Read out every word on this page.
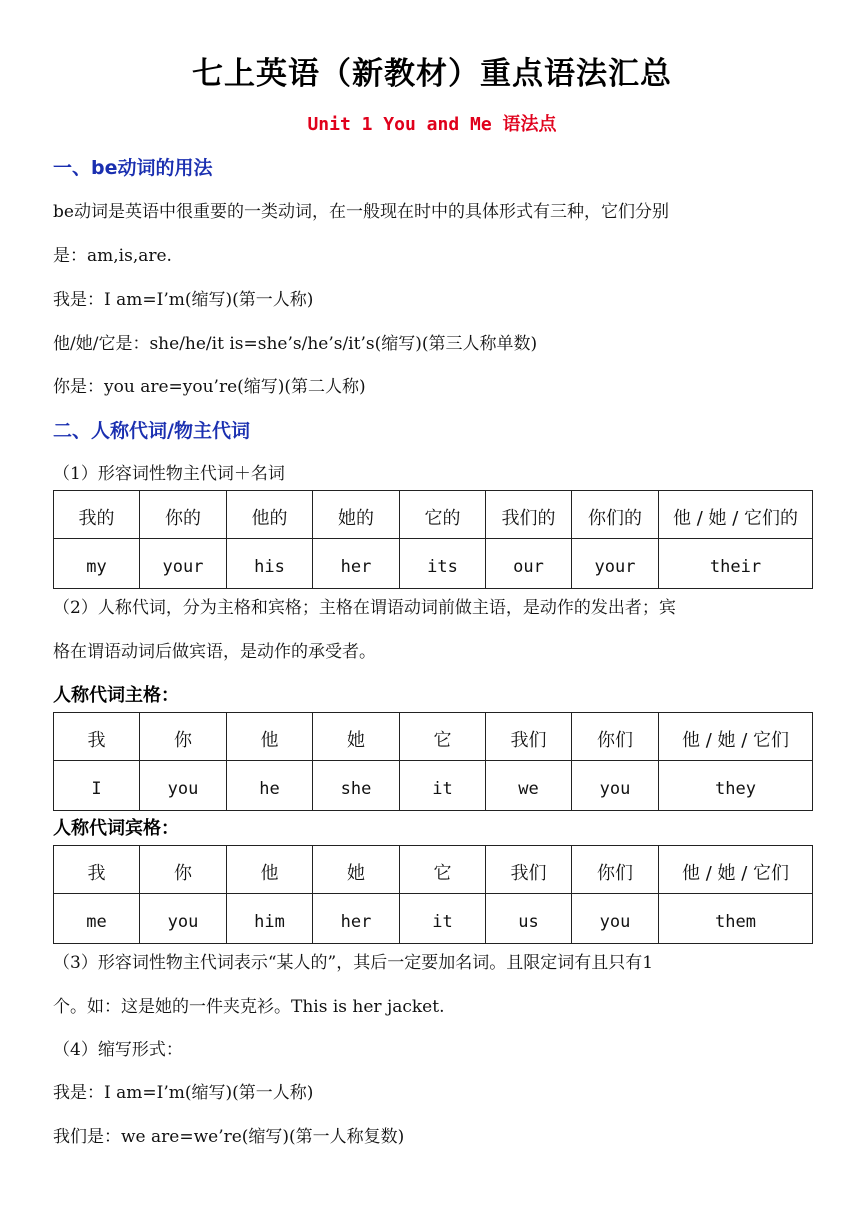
七上英语（新教材）重点语法汇总
Unit 1 You and Me 语法点
一、be动词的用法
be动词是英语中很重要的一类动词，在一般现在时中的具体形式有三种，它们分别
是：am,is,are.
我是：I am=I’m(缩写)(第一人称)
他/她/它是：she/he/it is=she’s/he’s/it’s(缩写)(第三人称单数)
你是：you are=you’re(缩写)(第二人称)
二、人称代词/物主代词
（1）形容词性物主代词＋名词
我的	你的	他的	她的	它的	我们的	你们的	他 / 她 / 它们的
my	your	his	her	its	our	your	their
（2）人称代词，分为主格和宾格；主格在谓语动词前做主语，是动作的发出者；宾
格在谓语动词后做宾语，是动作的承受者。
人称代词主格：
我	你	他	她	它	我们	你们	他 / 她 / 它们
I	you	he	she	it	we	you	they
人称代词宾格：
我	你	他	她	它	我们	你们	他 / 她 / 它们
me	you	him	her	it	us	you	them
（3）形容词性物主代词表示“某人的”，其后一定要加名词。且限定词有且只有1
个。如：这是她的一件夹克衫。This is her jacket.
（4）缩写形式：
我是：I am=I’m(缩写)(第一人称)
我们是：we are=we’re(缩写)(第一人称复数)
